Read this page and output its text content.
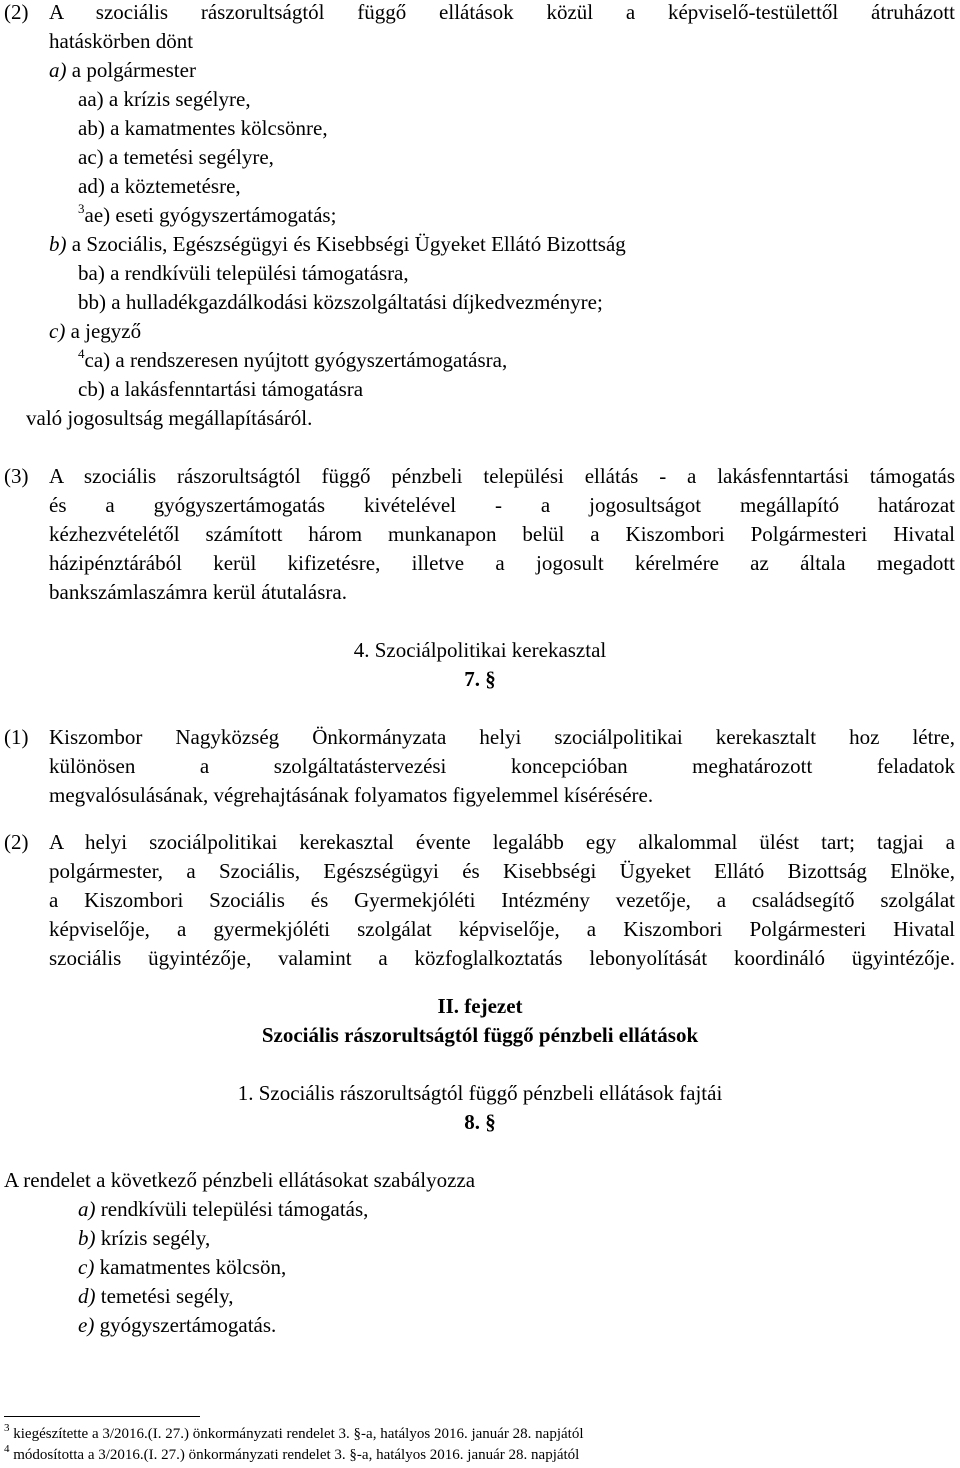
(2) A szociális rászorultságtól függő ellátások közül a képviselő-testülettől átruházott
hatáskörben dönt
a) a polgármester
aa) a krízis segélyre,
ab) a kamatmentes kölcsönre,
ac) a temetési segélyre,
ad) a köztemetésre,
$^3$ae) eseti gyógyszertámogatás;
b) a Szociális, Egészségügyi és Kisebbségi Ügyeket Ellátó Bizottság
ba) a rendkívüli települési támogatásra,
bb) a hulladékgazdálkodási közszolgáltatási díjkedvezményre;
c) a jegyző
$^4$ca) a rendszeresen nyújtott gyógyszertámogatásra,
cb) a lakásfenntartási támogatásra
való jogosultság megállapításáról.
(3) A szociális rászorultságtól függő pénzbeli települési ellátás - a lakásfenntartási támogatás
és a gyógyszertámogatás kivételével - a jogosultságot megállapító határozat
kézhezvételétől számított három munkanapon belül a Kiszombori Polgármesteri Hivatal
házipénztárából kerül kifizetésre, illetve a jogosult kérelmére az általa megadott
bankszámlaszámra kerül átutalásra.
4. Szociálpolitikai kerekasztal
7. §
(1) Kiszombor Nagyközség Önkormányzata helyi szociálpolitikai kerekasztalt hoz létre,
különösen a szolgáltatástervezési koncepcióban meghatározott feladatok
megvalósulásának, végrehajtásának folyamatos figyelemmel kísérésére.
(2) A helyi szociálpolitikai kerekasztal évente legalább egy alkalommal ülést tart; tagjai a
polgármester, a Szociális, Egészségügyi és Kisebbségi Ügyeket Ellátó Bizottság Elnöke,
a Kiszombori Szociális és Gyermekjóléti Intézmény vezetője, a családsegítő szolgálat
képviselője, a gyermekjóléti szolgálat képviselője, a Kiszombori Polgármesteri Hivatal
szociális ügyintézője, valamint a közfoglalkoztatás lebonyolítását koordináló ügyintézője.
II. fejezet
Szociális rászorultságtól függő pénzbeli ellátások
1. Szociális rászorultságtól függő pénzbeli ellátások fajtái
8. §
A rendelet a következő pénzbeli ellátásokat szabályozza
a) rendkívüli települési támogatás,
b) krízis segély,
c) kamatmentes kölcsön,
d) temetési segély,
e) gyógyszertámogatás.
$^3$ kiegészítette a 3/2016.(I. 27.) önkormányzati rendelet 3. §-a, hatályos 2016. január 28. napjától
$^4$ módosította a 3/2016.(I. 27.) önkormányzati rendelet 3. §-a, hatályos 2016. január 28. napjától
